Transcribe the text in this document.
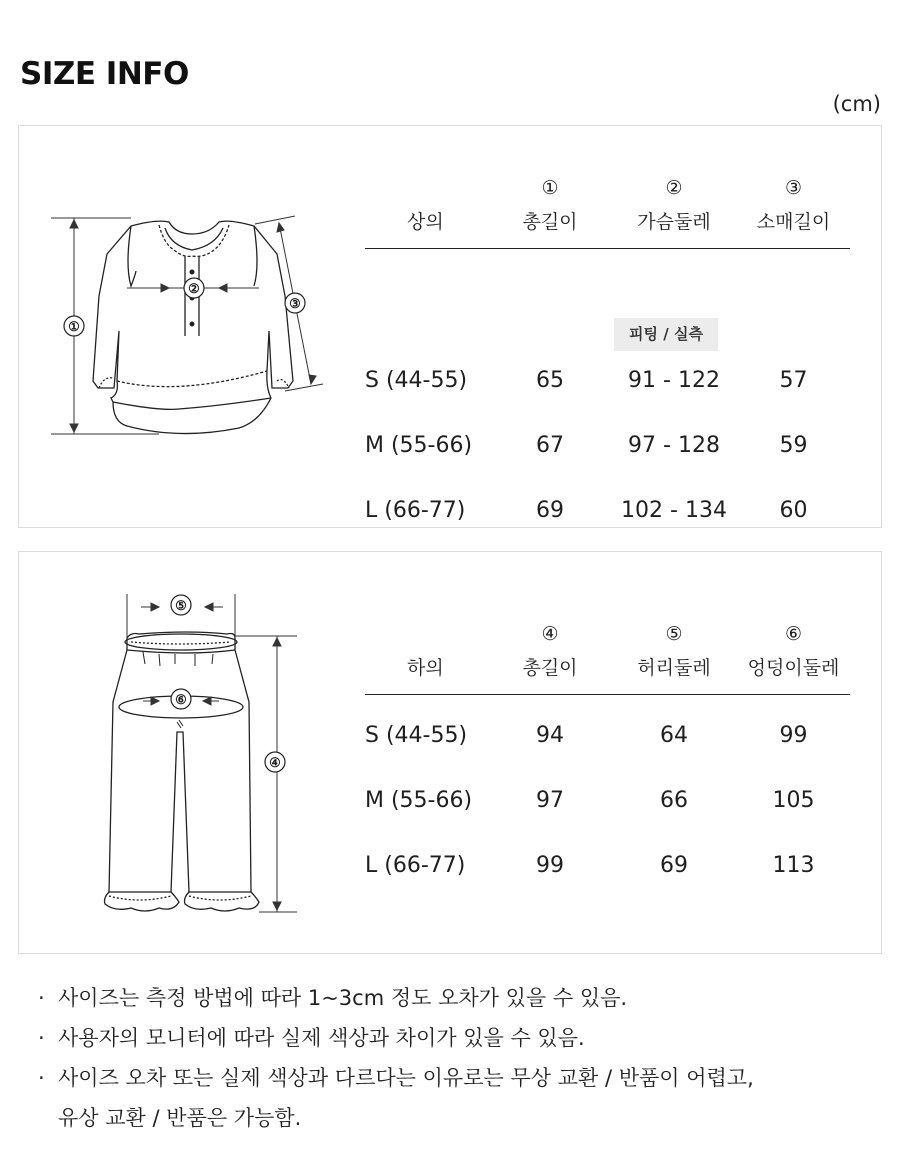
SIZE INFO
(cm)
①
②
③
①	②	③
상의	총길이	가슴둘레	소매길이
피팅 / 실측
S (44-55)	65	91 - 122	57
M (55-66)	67	97 - 128	59
L (66-77)	69	102 - 134	60
⑤
⑥
④
④	⑤	⑥
하의	총길이	허리둘레	엉덩이둘레
S (44-55)	94	64	99
M (55-66)	97	66	105
L (66-77)	99	69	113
· 사이즈는 측정 방법에 따라 1~3cm 정도 오차가 있을 수 있음.
· 사용자의 모니터에 따라 실제 색상과 차이가 있을 수 있음.
· 사이즈 오차 또는 실제 색상과 다르다는 이유로는 무상 교환 / 반품이 어렵고,
유상 교환 / 반품은 가능함.
